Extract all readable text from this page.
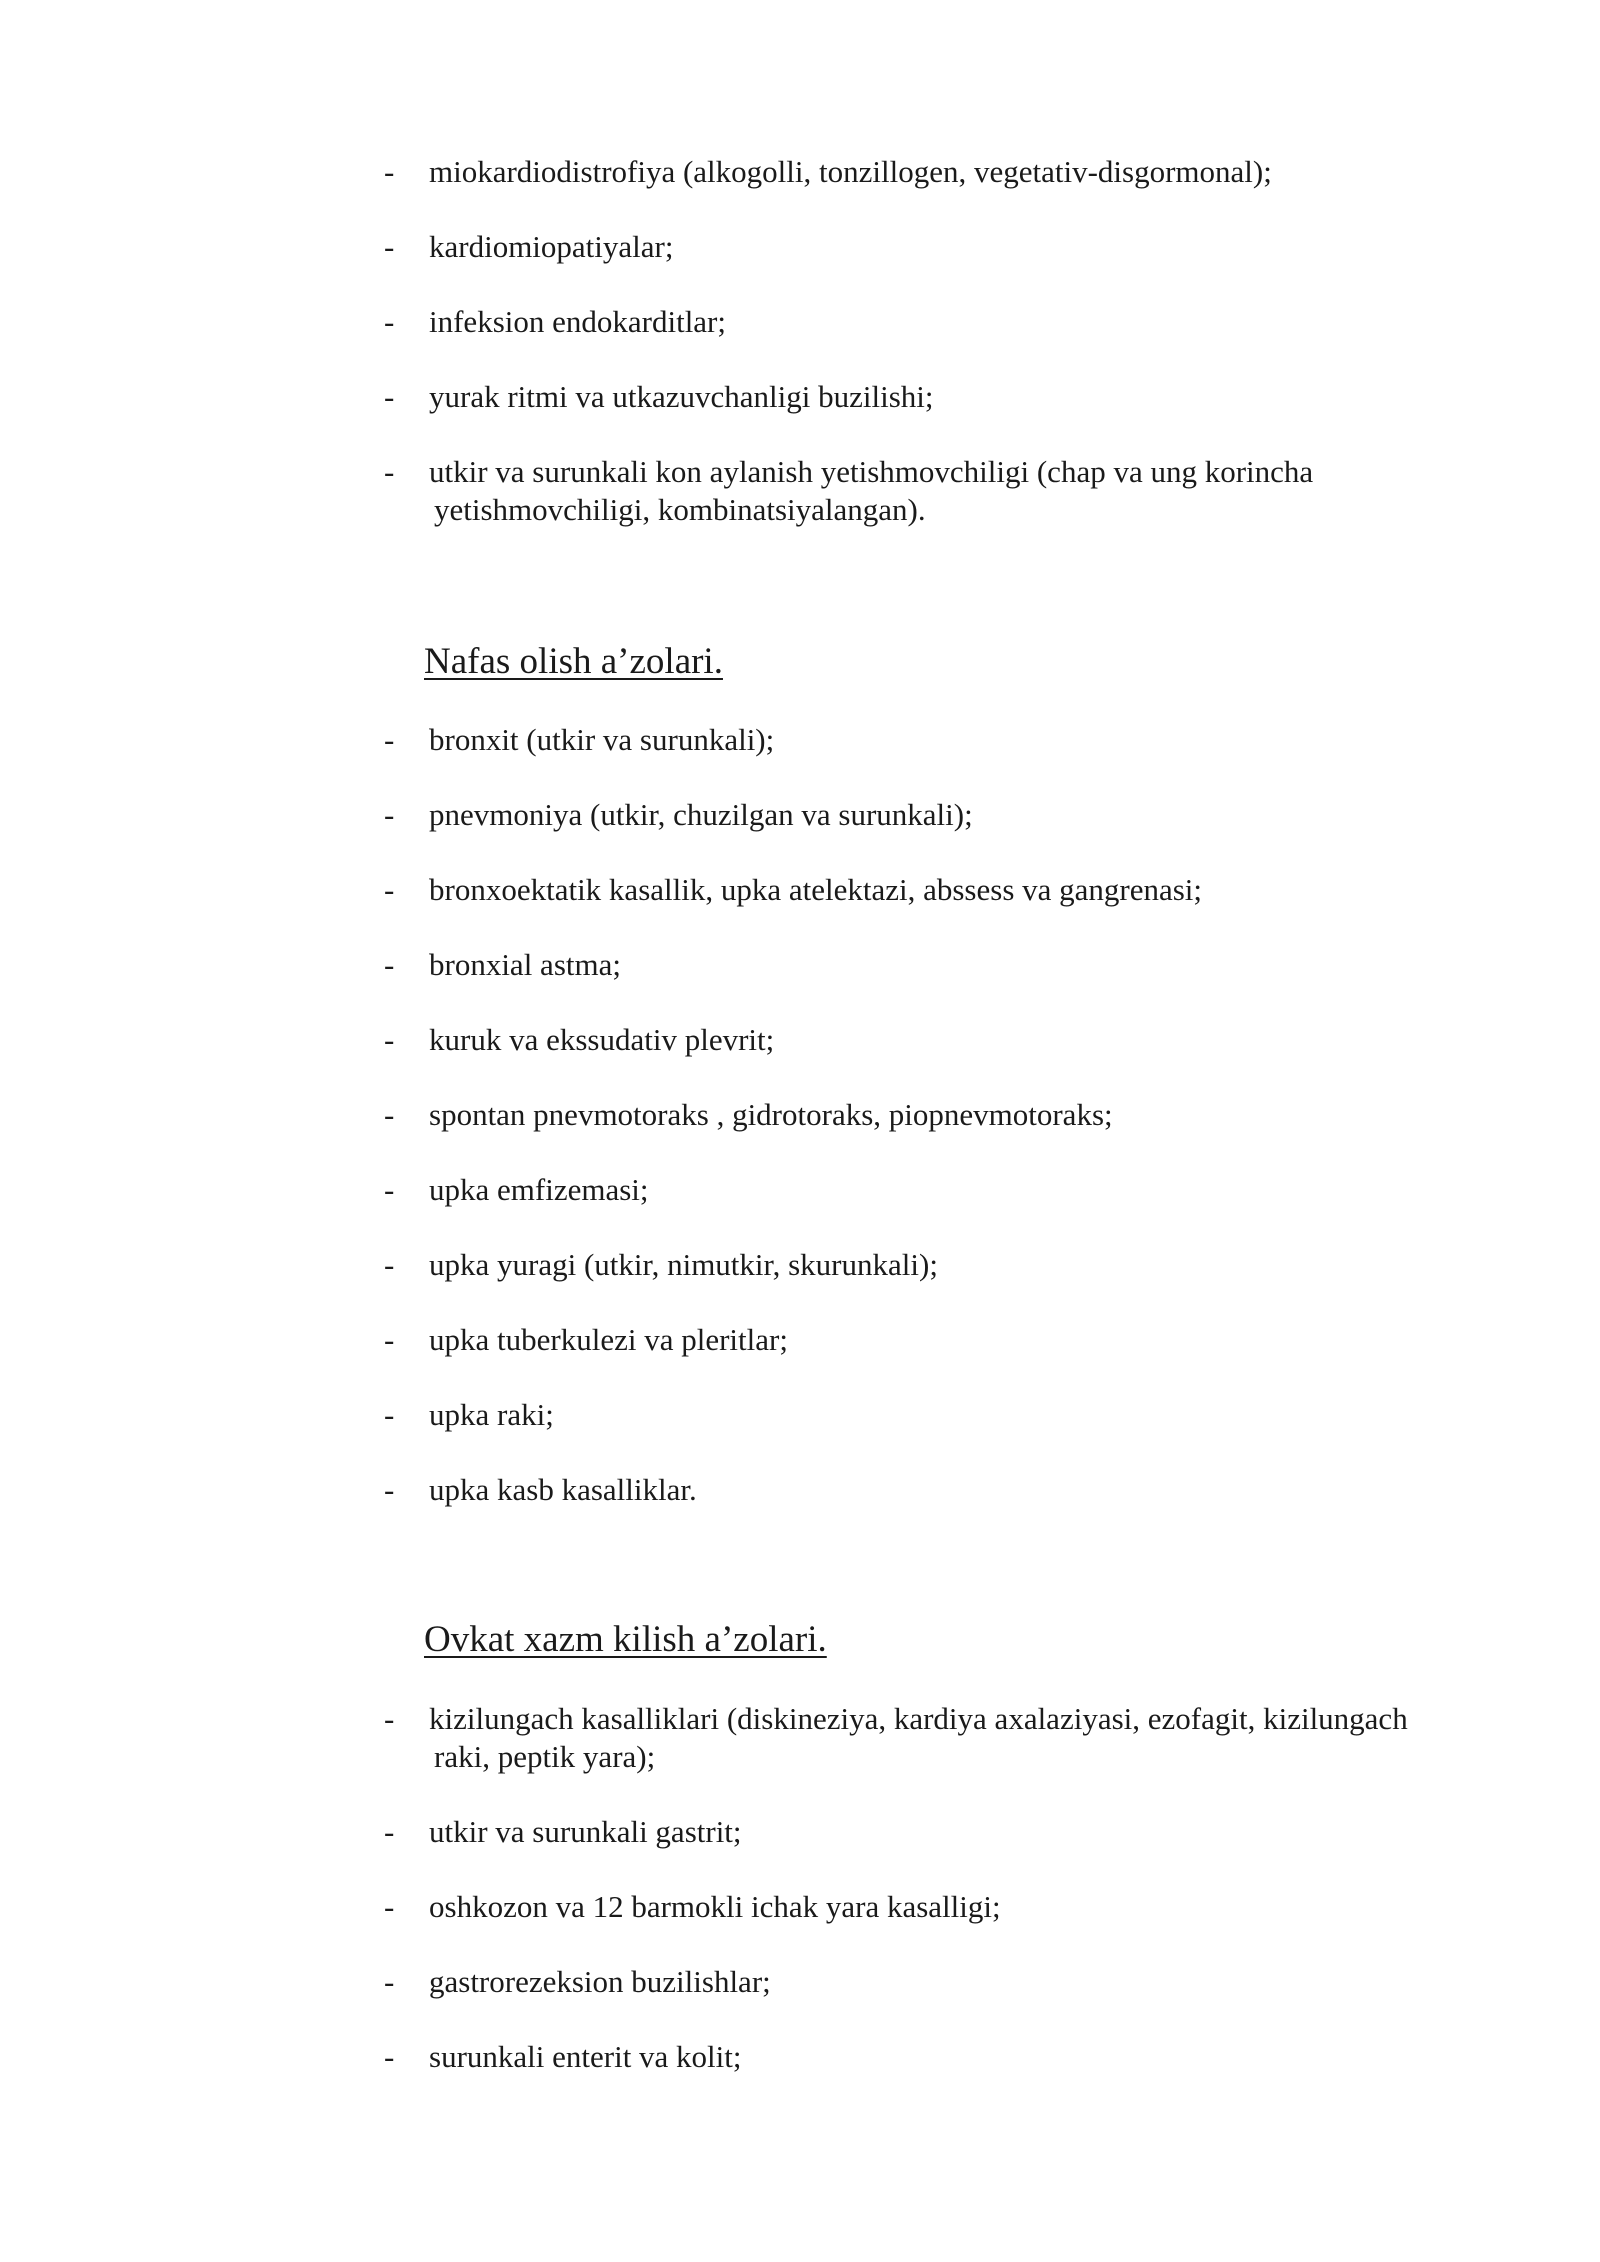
- miokardiodistrofiya (alkogolli, tonzillogen, vegetativ-disgormonal);
- kardiomiopatiyalar;
- infeksion endokarditlar;
- yurak ritmi va utkazuvchanligi buzilishi;
- utkir va surunkali kon aylanish yetishmovchiligi (chap va ung korincha
yetishmovchiligi, kombinatsiyalangan).
Nafas olish a’zolari.
- bronxit (utkir va surunkali);
- pnevmoniya (utkir, chuzilgan va surunkali);
- bronxoektatik kasallik, upka atelektazi, abssess va gangrenasi;
- bronxial astma;
- kuruk va ekssudativ plevrit;
- spontan pnevmotoraks , gidrotoraks, piopnevmotoraks;
- upka emfizemasi;
- upka yuragi (utkir, nimutkir, skurunkali);
- upka tuberkulezi va pleritlar;
- upka raki;
- upka kasb kasalliklar.
Ovkat xazm kilish a’zolari.
- kizilungach kasalliklari (diskineziya, kardiya axalaziyasi, ezofagit, kizilungach
raki, peptik yara);
- utkir va surunkali gastrit;
- oshkozon va 12 barmokli ichak yara kasalligi;
- gastrorezeksion buzilishlar;
- surunkali enterit va kolit;
